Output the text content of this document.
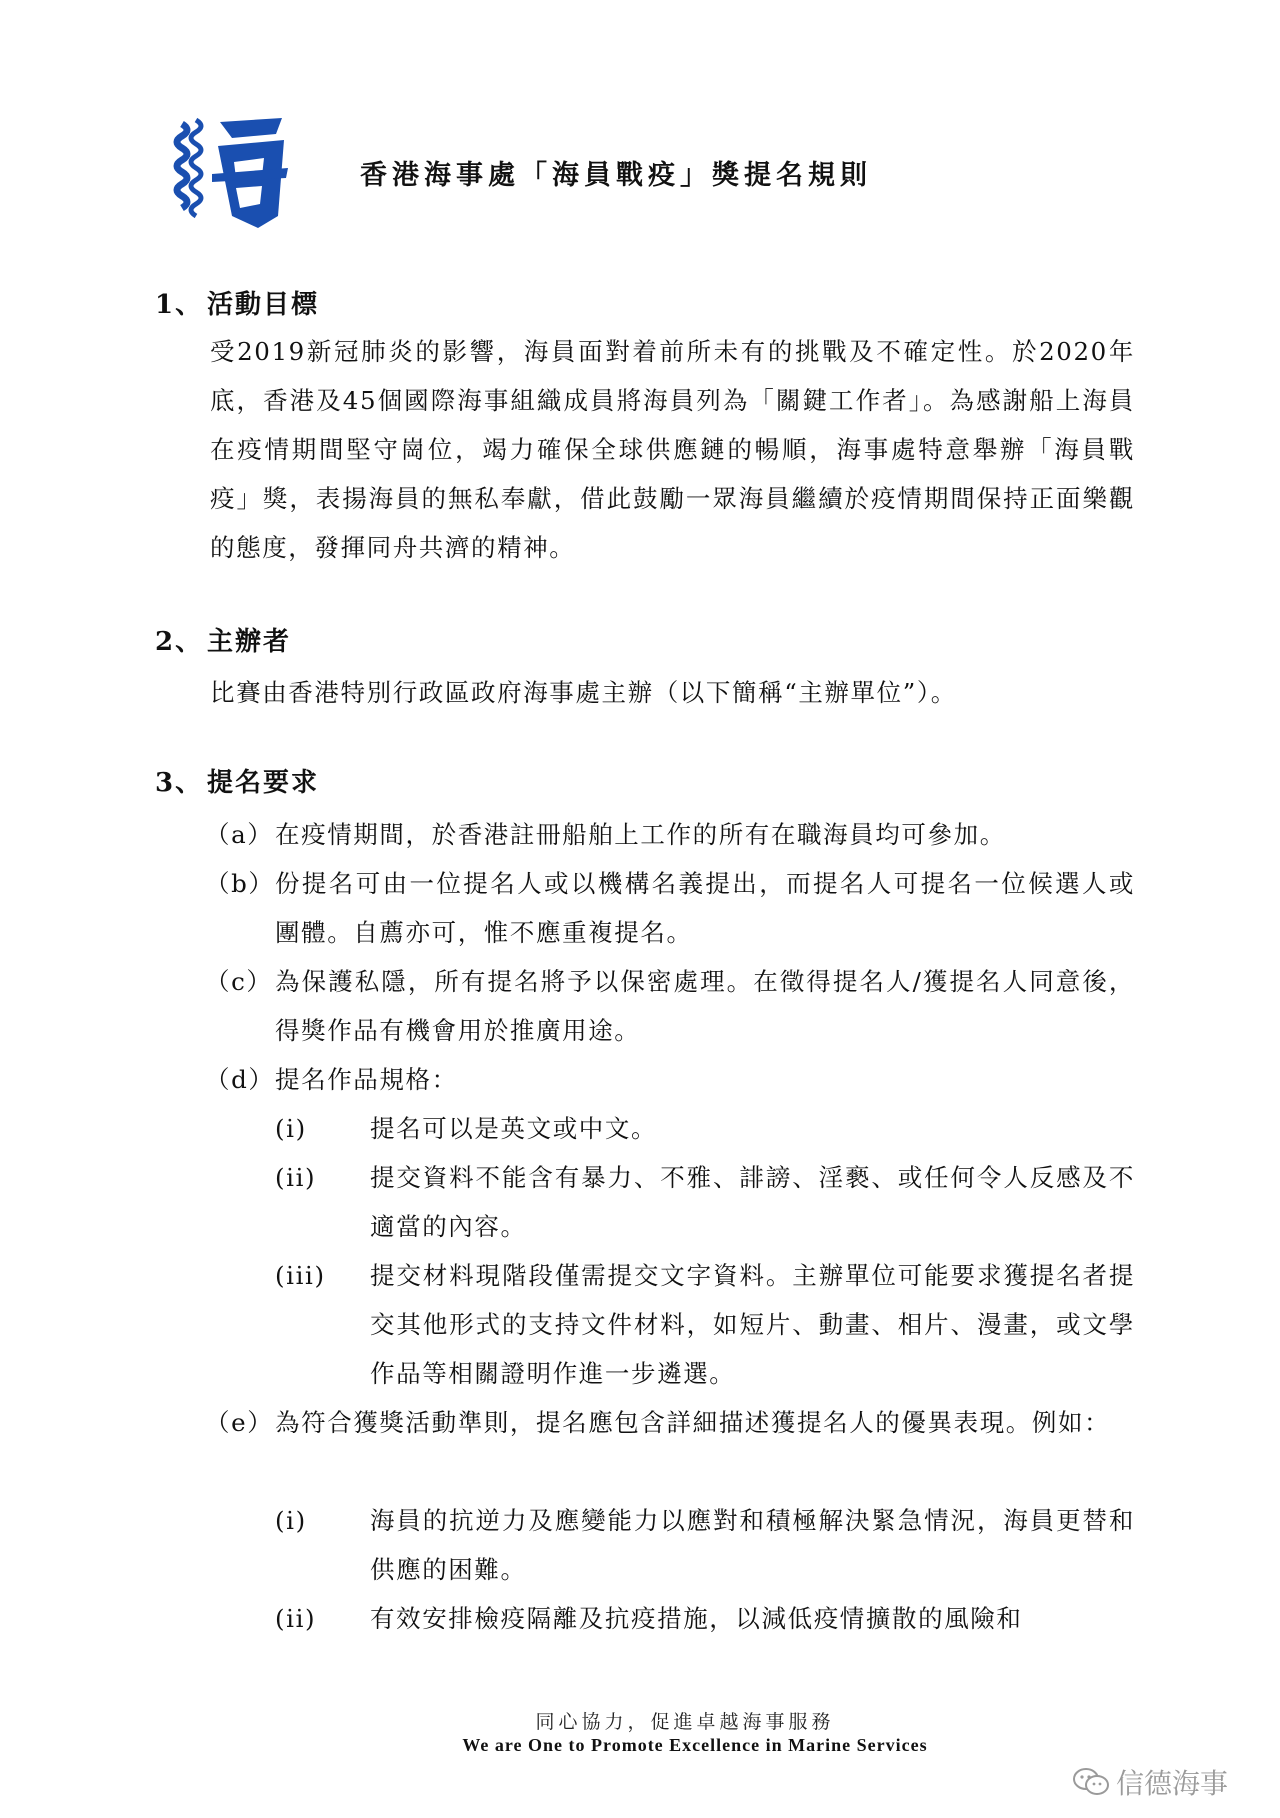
香港海事處「海員戰疫」獎提名規則
1、 活動目標

受2019新冠肺炎的影響，海員面對着前所未有的挑戰及不確定性。於2020年底，香港及45個國際海事組織成員將海員列為「關鍵工作者」。為感謝船上海員在疫情期間堅守崗位，竭力確保全球供應鏈的暢順，海事處特意舉辦「海員戰疫」獎，表揚海員的無私奉獻，借此鼓勵一眾海員繼續於疫情期間保持正面樂觀的態度，發揮同舟共濟的精神。

2、 主辦者

比賽由香港特別行政區政府海事處主辦（以下簡稱“主辦單位”）。

3、 提名要求
（a） 在疫情期間，於香港註冊船舶上工作的所有在職海員均可參加。
（b） 份提名可由一位提名人或以機構名義提出，而提名人可提名一位候選人或團體。自薦亦可，惟不應重複提名。
（c） 為保護私隱，所有提名將予以保密處理。在徵得提名人/獲提名人同意後，得獎作品有機會用於推廣用途。
（d） 提名作品規格：
(i)	提名可以是英文或中文。
(ii) 提交資料不能含有暴力、不雅、誹謗、淫褻、或任何令人反感及不適當的內容。
(iii) 提交材料現階段僅需提交文字資料。主辦單位可能要求獲提名者提交其他形式的支持文件材料，如短片、動畫、相片、漫畫，或文學作品等相關證明作進一步遴選。
（e） 為符合獲獎活動準則，提名應包含詳細描述獲提名人的優異表現。例如：
(i)	海員的抗逆力及應變能力以應對和積極解決緊急情況，海員更替和供應的困難。
(ii) 有效安排檢疫隔離及抗疫措施，以減低疫情擴散的風險和

同心協力，促進卓越海事服務

We are One to Promote Excellence in Marine Services

信德海事
